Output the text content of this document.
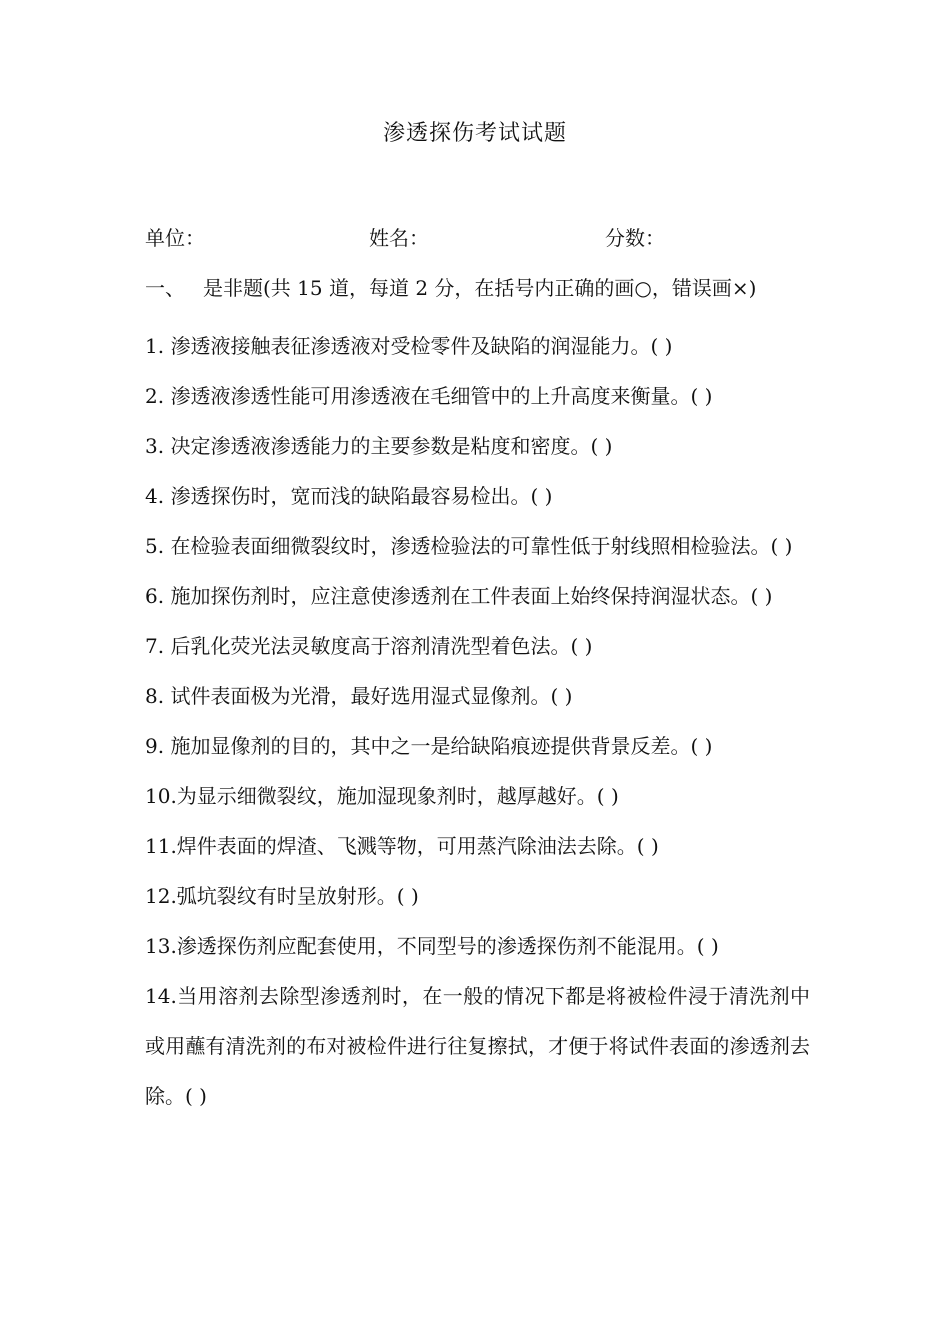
渗透探伤考试试题
单位：	姓名：	分数：
一、 是非题(共 15 道，每道 2 分，在括号内正确的画○，错误画×)

1. 渗透液接触表征渗透液对受检零件及缺陷的润湿能力。( )

2. 渗透液渗透性能可用渗透液在毛细管中的上升高度来衡量。( )

3. 决定渗透液渗透能力的主要参数是粘度和密度。( )

4. 渗透探伤时，宽而浅的缺陷最容易检出。( )

5. 在检验表面细微裂纹时，渗透检验法的可靠性低于射线照相检验法。( )

6. 施加探伤剂时，应注意使渗透剂在工件表面上始终保持润湿状态。( )

7. 后乳化荧光法灵敏度高于溶剂清洗型着色法。( )

8. 试件表面极为光滑，最好选用湿式显像剂。( )

9. 施加显像剂的目的，其中之一是给缺陷痕迹提供背景反差。( )

10.为显示细微裂纹，施加湿现象剂时，越厚越好。( )

11.焊件表面的焊渣、飞溅等物，可用蒸汽除油法去除。( )

12.弧坑裂纹有时呈放射形。( )

13.渗透探伤剂应配套使用，不同型号的渗透探伤剂不能混用。( )

14.当用溶剂去除型渗透剂时，在一般的情况下都是将被检件浸于清洗剂中或用蘸有清洗剂的布对被检件进行往复擦拭，才便于将试件表面的渗透剂去除。( )
